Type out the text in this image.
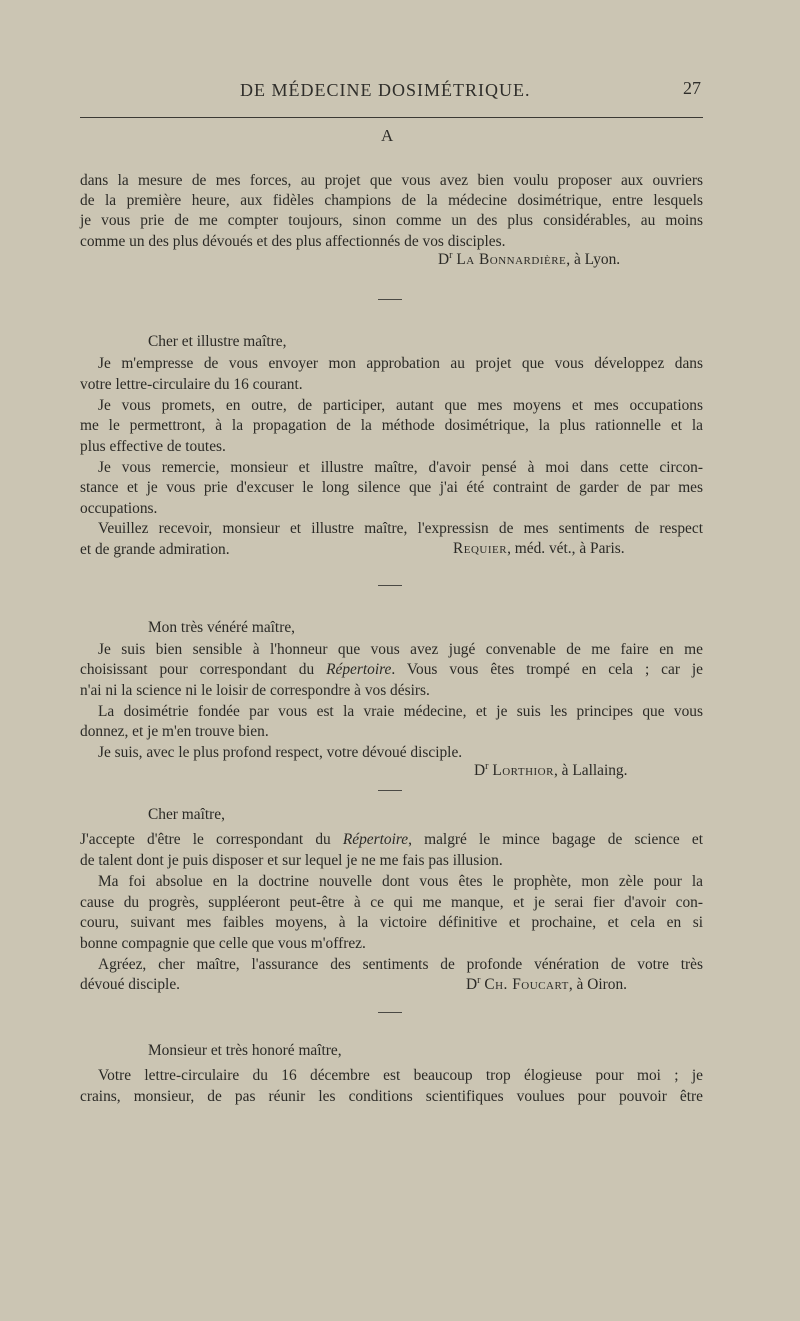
DE MÉDECINE DOSIMÉTRIQUE.	27
A
dans la mesure de mes forces, au projet que vous avez bien voulu proposer aux ouvriers
de la première heure, aux fidèles champions de la médecine dosimétrique, entre lesquels
je vous prie de me compter toujours, sinon comme un des plus considérables, au moins
comme un des plus dévoués et des plus affectionnés de vos disciples.
$D^r$ La Bonnardière, à Lyon.
Cher et illustre maître,
Je m'empresse de vous envoyer mon approbation au projet que vous développez dans
votre lettre-circulaire du 16 courant.
Je vous promets, en outre, de participer, autant que mes moyens et mes occupations
me le permettront, à la propagation de la méthode dosimétrique, la plus rationnelle et la
plus effective de toutes.
Je vous remercie, monsieur et illustre maître, d'avoir pensé à moi dans cette circon-
stance et je vous prie d'excuser le long silence que j'ai été contraint de garder de par mes
occupations.
Veuillez recevoir, monsieur et illustre maître, l'expressisn de mes sentiments de respect
et de grande admiration.	Requier, méd. vét., à Paris.
Mon très vénéré maître,
Je suis bien sensible à l'honneur que vous avez jugé convenable de me faire en me
choisissant pour correspondant du Répertoire. Vous vous êtes trompé en cela ; car je
n'ai ni la science ni le loisir de correspondre à vos désirs.
La dosimétrie fondée par vous est la vraie médecine, et je suis les principes que vous
donnez, et je m'en trouve bien.
Je suis, avec le plus profond respect, votre dévoué disciple.
$D^r$ Lorthior, à Lallaing.
Cher maître,
J'accepte d'être le correspondant du Répertoire, malgré le mince bagage de science et
de talent dont je puis disposer et sur lequel je ne me fais pas illusion.
Ma foi absolue en la doctrine nouvelle dont vous êtes le prophète, mon zèle pour la
cause du progrès, suppléeront peut-être à ce qui me manque, et je serai fier d'avoir con-
couru, suivant mes faibles moyens, à la victoire définitive et prochaine, et cela en si
bonne compagnie que celle que vous m'offrez.
Agréez, cher maître, l'assurance des sentiments de profonde vénération de votre très
dévoué disciple.	$D^r$ Ch. Foucart, à Oiron.
Monsieur et très honoré maître,
Votre lettre-circulaire du 16 décembre est beaucoup trop élogieuse pour moi ; je
crains, monsieur, de pas réunir les conditions scientifiques voulues pour pouvoir être
